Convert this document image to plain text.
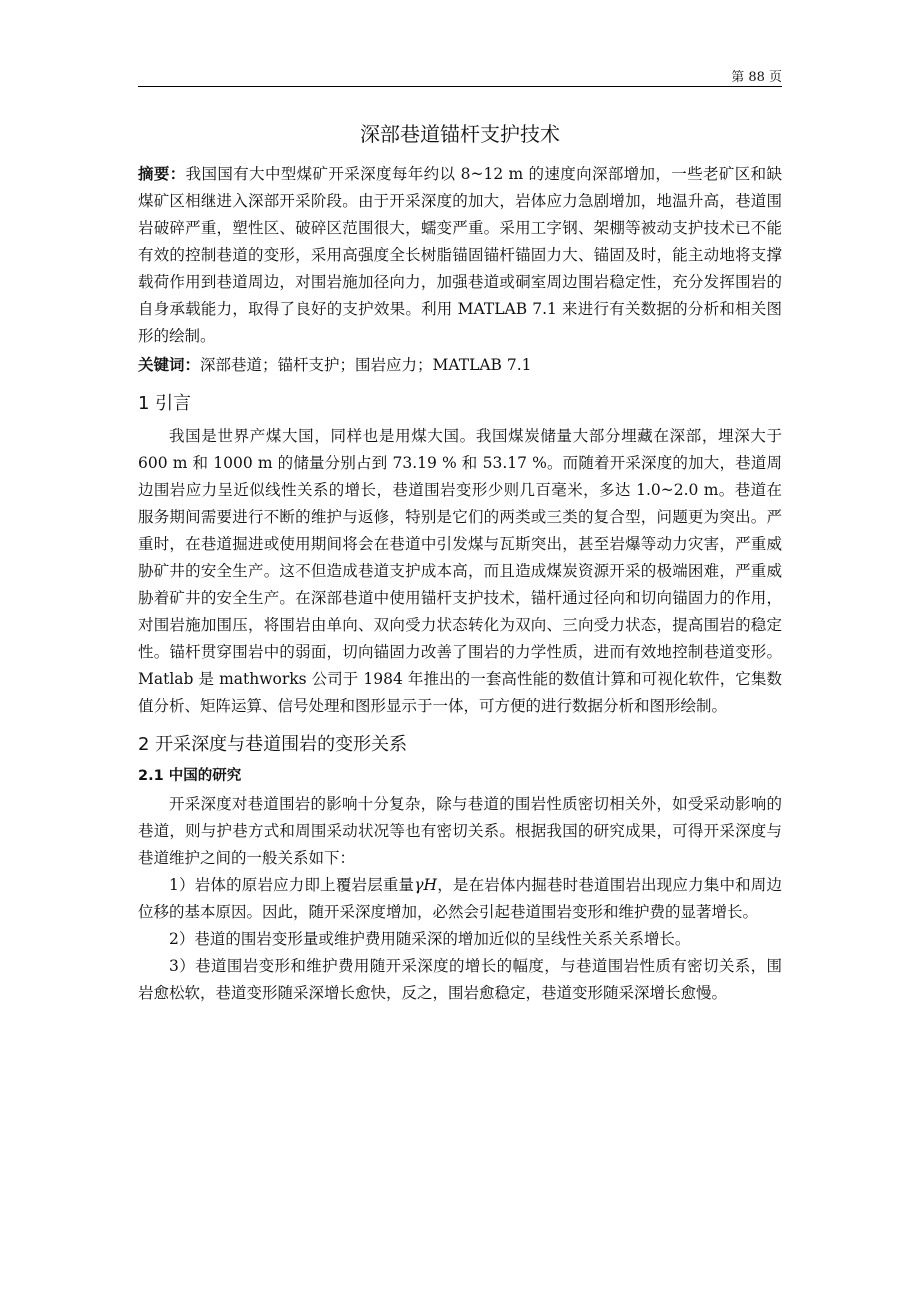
第 88 页
深部巷道锚杆支护技术

摘要：我国国有大中型煤矿开采深度每年约以 8~12 m 的速度向深部增加，一些老矿区和缺煤矿区相继进入深部开采阶段。由于开采深度的加大，岩体应力急剧增加，地温升高，巷道围岩破碎严重，塑性区、破碎区范围很大，蠕变严重。采用工字钢、架棚等被动支护技术已不能有效的控制巷道的变形，采用高强度全长树脂锚固锚杆锚固力大、锚固及时，能主动地将支撑载荷作用到巷道周边，对围岩施加径向力，加强巷道或硐室周边围岩稳定性，充分发挥围岩的自身承载能力，取得了良好的支护效果。利用 MATLAB 7.1 来进行有关数据的分析和相关图形的绘制。

关键词：深部巷道；锚杆支护；围岩应力；MATLAB 7.1

1 引言

我国是世界产煤大国，同样也是用煤大国。我国煤炭储量大部分埋藏在深部，埋深大于 600 m 和 1000 m 的储量分别占到 73.19 % 和 53.17 %。而随着开采深度的加大，巷道周边围岩应力呈近似线性关系的增长，巷道围岩变形少则几百毫米，多达 1.0~2.0 m。巷道在服务期间需要进行不断的维护与返修，特别是它们的两类或三类的复合型，问题更为突出。严重时，在巷道掘进或使用期间将会在巷道中引发煤与瓦斯突出，甚至岩爆等动力灾害，严重威胁矿井的安全生产。这不但造成巷道支护成本高，而且造成煤炭资源开采的极端困难，严重威胁着矿井的安全生产。在深部巷道中使用锚杆支护技术，锚杆通过径向和切向锚固力的作用，对围岩施加围压，将围岩由单向、双向受力状态转化为双向、三向受力状态，提高围岩的稳定性。锚杆贯穿围岩中的弱面，切向锚固力改善了围岩的力学性质，进而有效地控制巷道变形。 Matlab 是 mathworks 公司于 1984 年推出的一套高性能的数值计算和可视化软件，它集数值分析、矩阵运算、信号处理和图形显示于一体，可方便的进行数据分析和图形绘制。

2 开采深度与巷道围岩的变形关系
2.1 中国的研究

开采深度对巷道围岩的影响十分复杂，除与巷道的围岩性质密切相关外，如受采动影响的巷道，则与护巷方式和周围采动状况等也有密切关系。根据我国的研究成果，可得开采深度与巷道维护之间的一般关系如下：

1）岩体的原岩应力即上覆岩层重量γH，是在岩体内掘巷时巷道围岩出现应力集中和周边位移的基本原因。因此，随开采深度增加，必然会引起巷道围岩变形和维护费的显著增长。

2）巷道的围岩变形量或维护费用随采深的增加近似的呈线性关系关系增长。

3）巷道围岩变形和维护费用随开采深度的增长的幅度，与巷道围岩性质有密切关系，围岩愈松软，巷道变形随采深增长愈快，反之，围岩愈稳定，巷道变形随采深增长愈慢。
